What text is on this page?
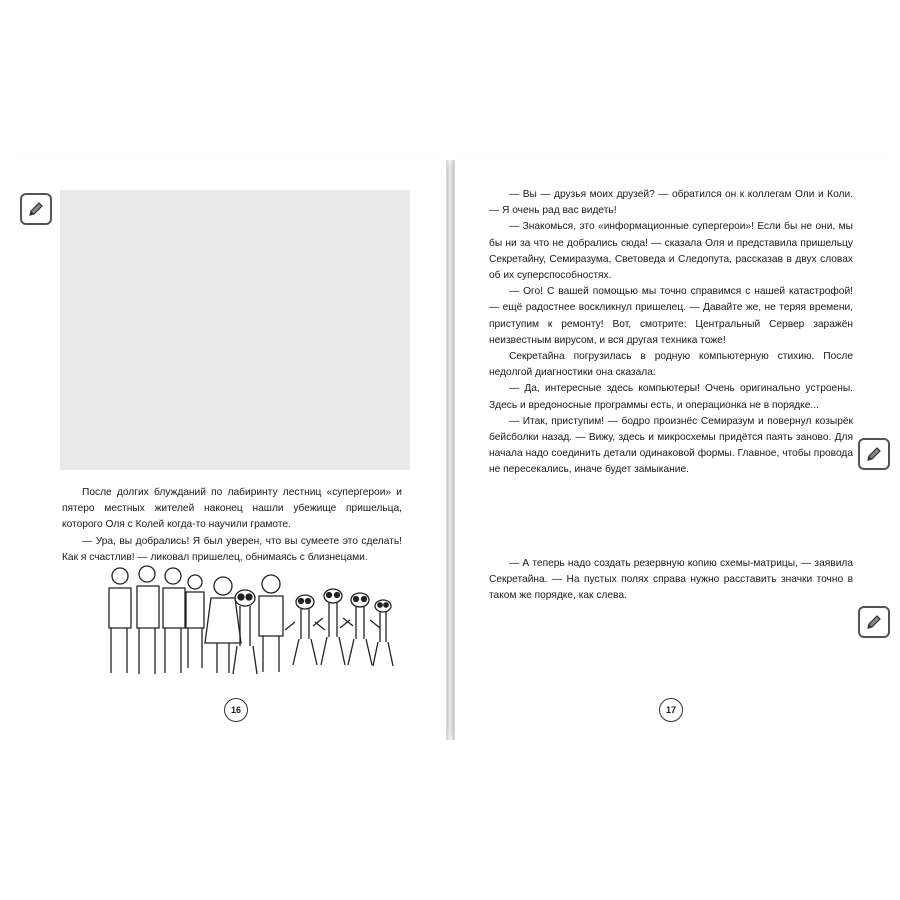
После долгих блужданий по лабиринту лестниц «супергерои» и пятеро местных жителей наконец нашли убежище пришельца, которого Оля с Колей когда-то научили грамоте.

— Ура, вы добрались! Я был уверен, что вы сумеете это сделать! Как я счастлив! — ликовал пришелец, обнимаясь с близнецами.

16

— Вы — друзья моих друзей? — обратился он к коллегам Оли и Коли. — Я очень рад вас видеть!

— Знакомься, это «информационные супергерои»! Если бы не они, мы бы ни за что не добрались сюда! — сказала Оля и представила пришельцу Секретайну, Семиразума, Световеда и Следопута, рассказав в двух словах об их суперспособностях.

— Ого! С вашей помощью мы точно справимся с нашей катастрофой! — ещё радостнее воскликнул пришелец. — Давайте же, не теряя времени, приступим к ремонту! Вот, смотрите: Центральный Сервер заражён неизвестным вирусом, и вся другая техника тоже!

Секретайна погрузилась в родную компьютерную стихию. После недолгой диагностики она сказала:

— Да, интересные здесь компьютеры! Очень оригинально устроены. Здесь и вредоносные программы есть, и операционка не в порядке...

— Итак, приступим! — бодро произнёс Семиразум и повернул козырёк бейсболки назад. — Вижу, здесь и микросхемы придётся паять заново. Для начала надо соединить детали одинаковой формы. Главное, чтобы провода не пересекались, иначе будет замыкание.

— А теперь надо создать резервную копию схемы-матрицы, — заявила Секретайна. — На пустых полях справа нужно расставить значки точно в таком же порядке, как слева.

17
